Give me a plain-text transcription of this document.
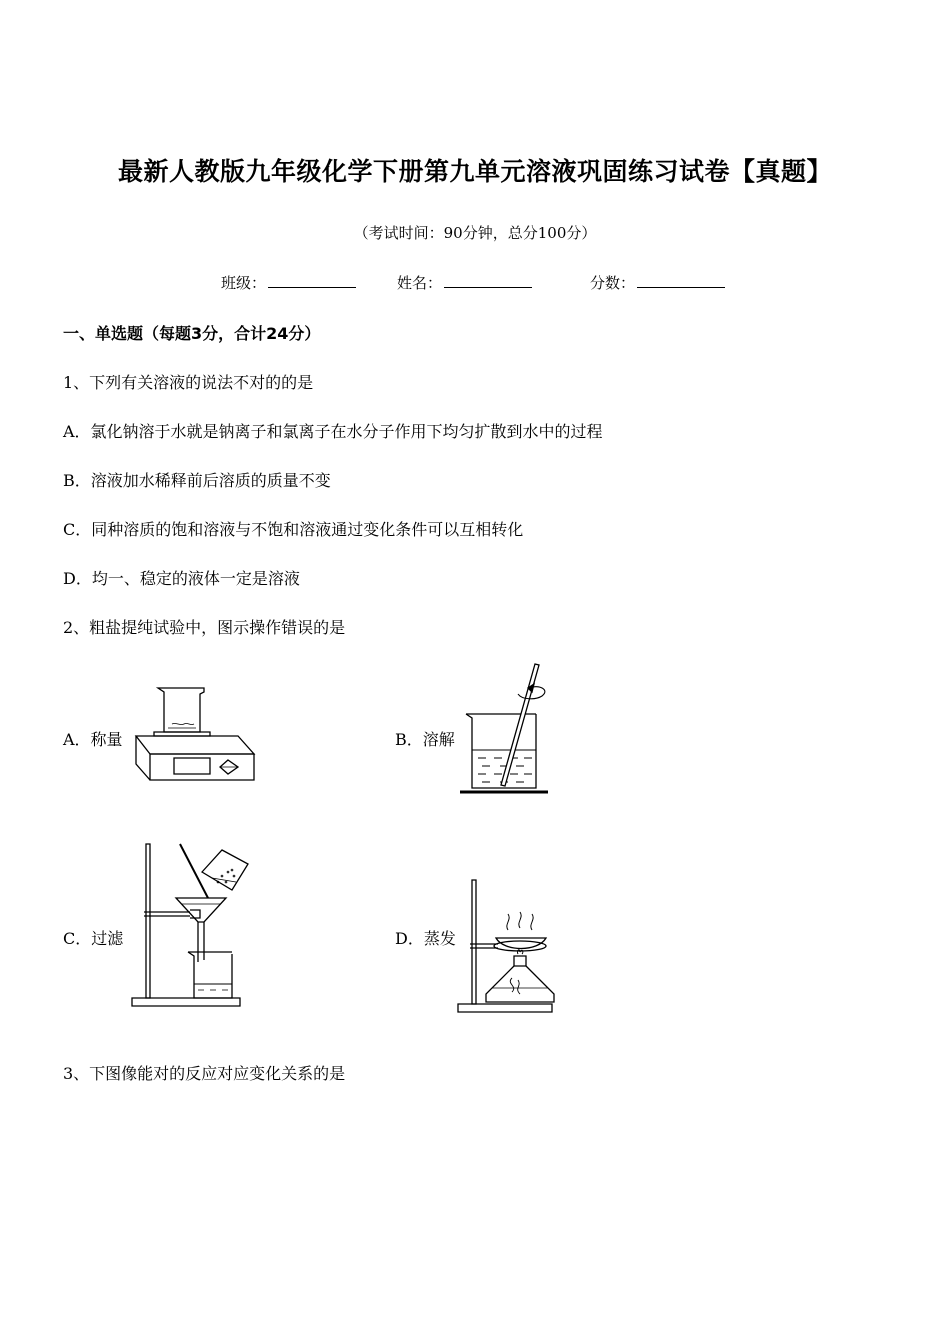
最新人教版九年级化学下册第九单元溶液巩固练习试卷【真题】
（考试时间：90分钟，总分100分）
班级：	姓名：	分数：
一、单选题（每题3分，合计24分）
1、下列有关溶液的说法不对的的是
A．氯化钠溶于水就是钠离子和氯离子在水分子作用下均匀扩散到水中的过程
B．溶液加水稀释前后溶质的质量不变
C．同种溶质的饱和溶液与不饱和溶液通过变化条件可以互相转化
D．均一、稳定的液体一定是溶液
2、粗盐提纯试验中，图示操作错误的是
A．称量	B．溶解
C．过滤	D．蒸发
3、下图像能对的反应对应变化关系的是
